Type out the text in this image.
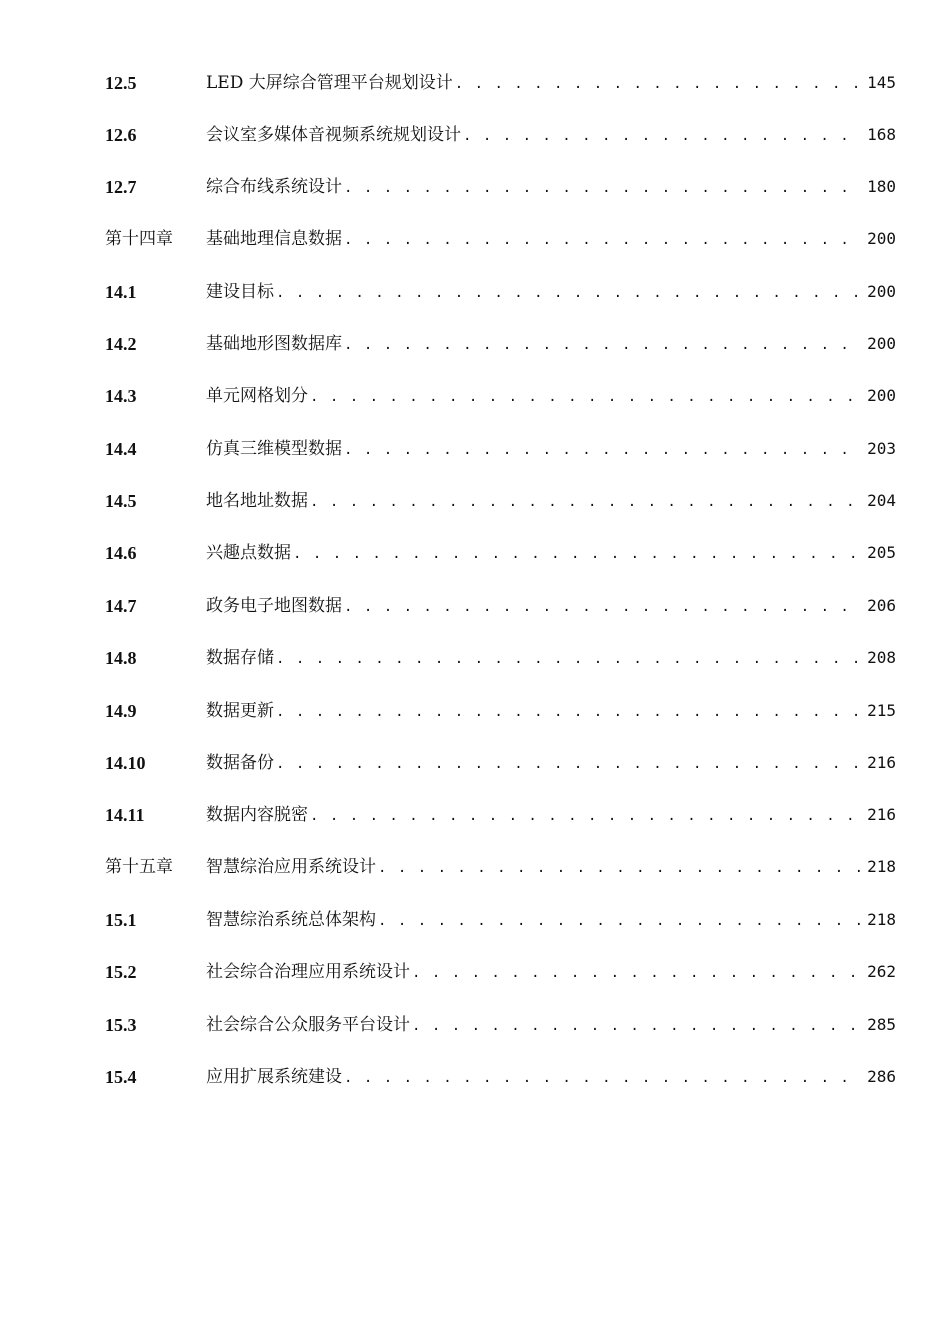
12.5	LED 大屏综合管理平台规划设计 . . .	145
12.6	会议室多媒体音视频系统规划设计 . . .	168
12.7	综合布线系统设计 . . .	180
第十四章 基础地理信息数据 . . .	200
14.1	建设目标 . . .	200
14.2	基础地形图数据库 . . .	200
14.3	单元网格划分 . . .	200
14.4	仿真三维模型数据 . . .	203
14.5	地名地址数据 . . .	204
14.6	兴趣点数据 . . .	205
14.7	政务电子地图数据 . . .	206
14.8	数据存储 . . .	208
14.9	数据更新 . . .	215
14.10	数据备份 . . .	216
14.11	数据内容脱密 . . .	216
第十五章 智慧综治应用系统设计 . . .	218
15.1	智慧综治系统总体架构 . . .	218
15.2	社会综合治理应用系统设计 . . .	262
15.3	社会综合公众服务平台设计 . . .	285
15.4	应用扩展系统建设 . . .	286
